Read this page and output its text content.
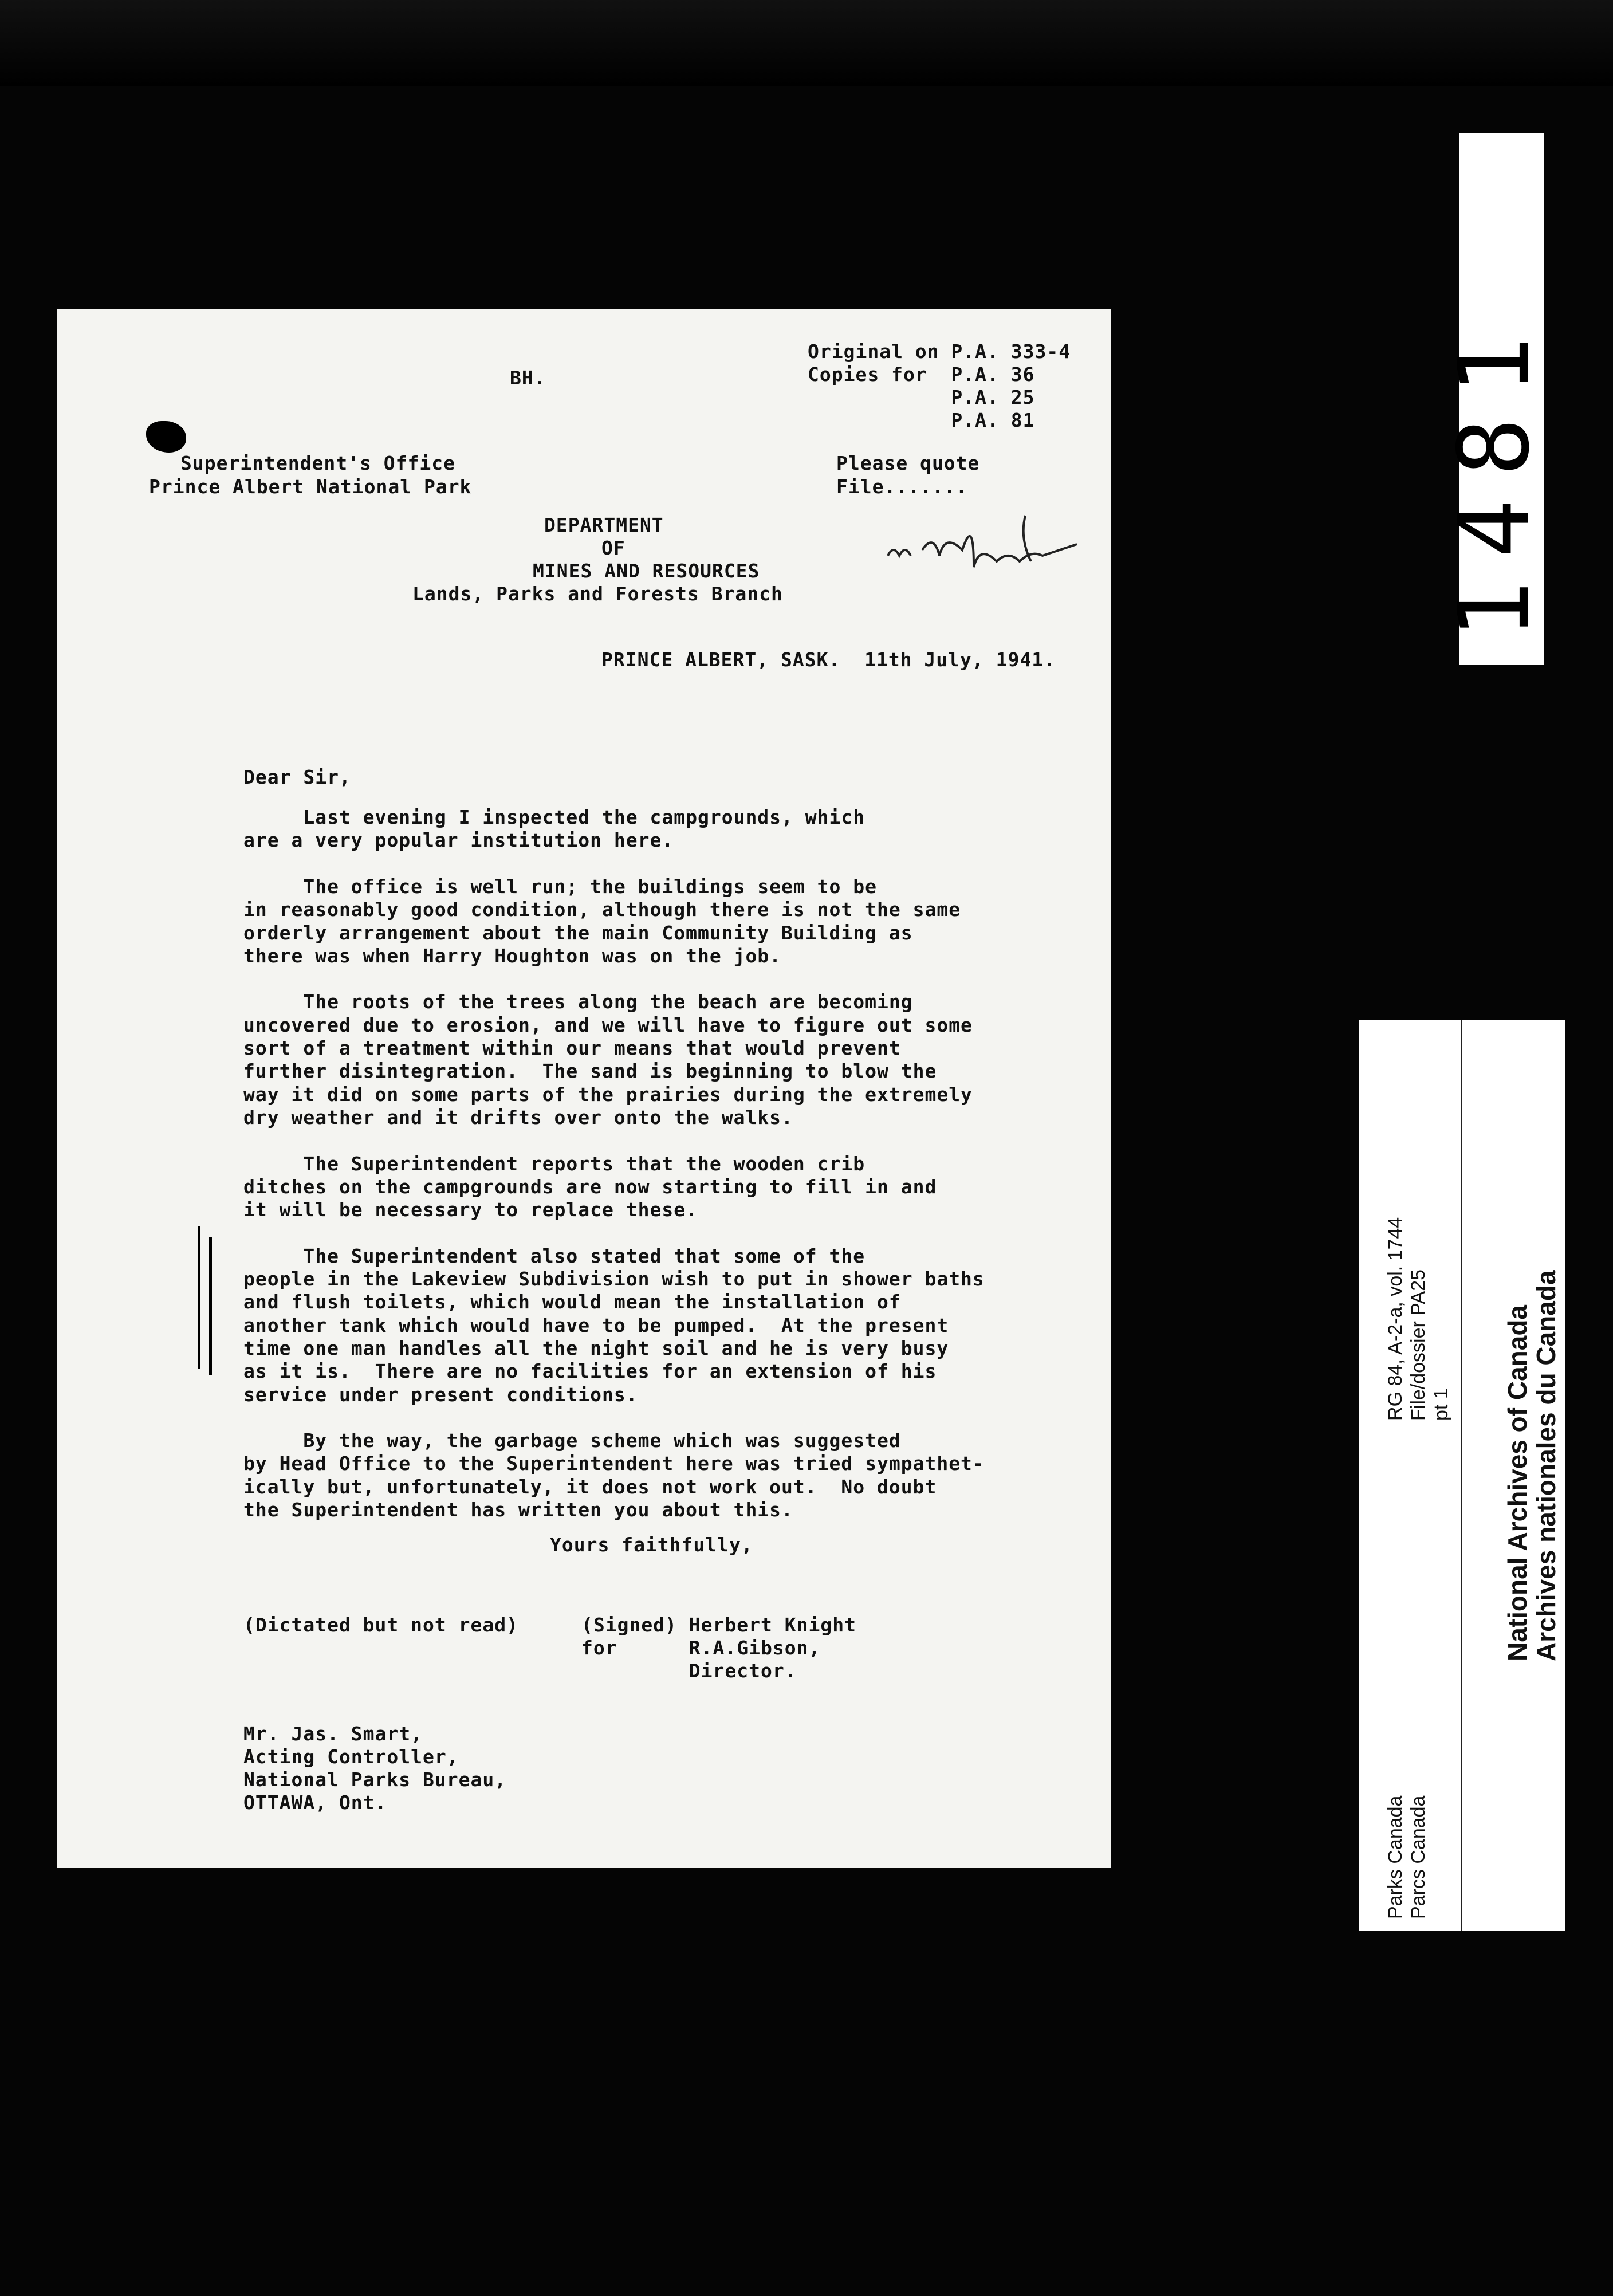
BH.
Original on P.A. 333-4
Copies for  P.A. 36
P.A. 25
P.A. 81
Superintendent's Office
Prince Albert National Park
Please quote
File.......
DEPARTMENT
OF
MINES AND RESOURCES
Lands, Parks and Forests Branch
PRINCE ALBERT, SASK.  11th July, 1941.
Dear Sir,
Last evening I inspected the campgrounds, which
are a very popular institution here.
The office is well run; the buildings seem to be
in reasonably good condition, although there is not the same
orderly arrangement about the main Community Building as
there was when Harry Houghton was on the job.
The roots of the trees along the beach are becoming
uncovered due to erosion, and we will have to figure out some
sort of a treatment within our means that would prevent
further disintegration.  The sand is beginning to blow the
way it did on some parts of the prairies during the extremely
dry weather and it drifts over onto the walks.
The Superintendent reports that the wooden crib
ditches on the campgrounds are now starting to fill in and
it will be necessary to replace these.
The Superintendent also stated that some of the
people in the Lakeview Subdivision wish to put in shower baths
and flush toilets, which would mean the installation of
another tank which would have to be pumped.  At the present
time one man handles all the night soil and he is very busy
as it is.  There are no facilities for an extension of his
service under present conditions.
By the way, the garbage scheme which was suggested
by Head Office to the Superintendent here was tried sympathet-
ically but, unfortunately, it does not work out.  No doubt
the Superintendent has written you about this.
Yours faithfully,
(Dictated but not read)	(Signed) Herbert Knight
for      R.A.Gibson,
Director.
Mr. Jas. Smart,
Acting Controller,
National Parks Bureau,
OTTAWA, Ont.
1481
National Archives of Canada
Archives nationales du Canada
RG 84, A-2-a, vol. 1744 File/dossier PA25 pt 1
Parks Canada Parcs Canada
